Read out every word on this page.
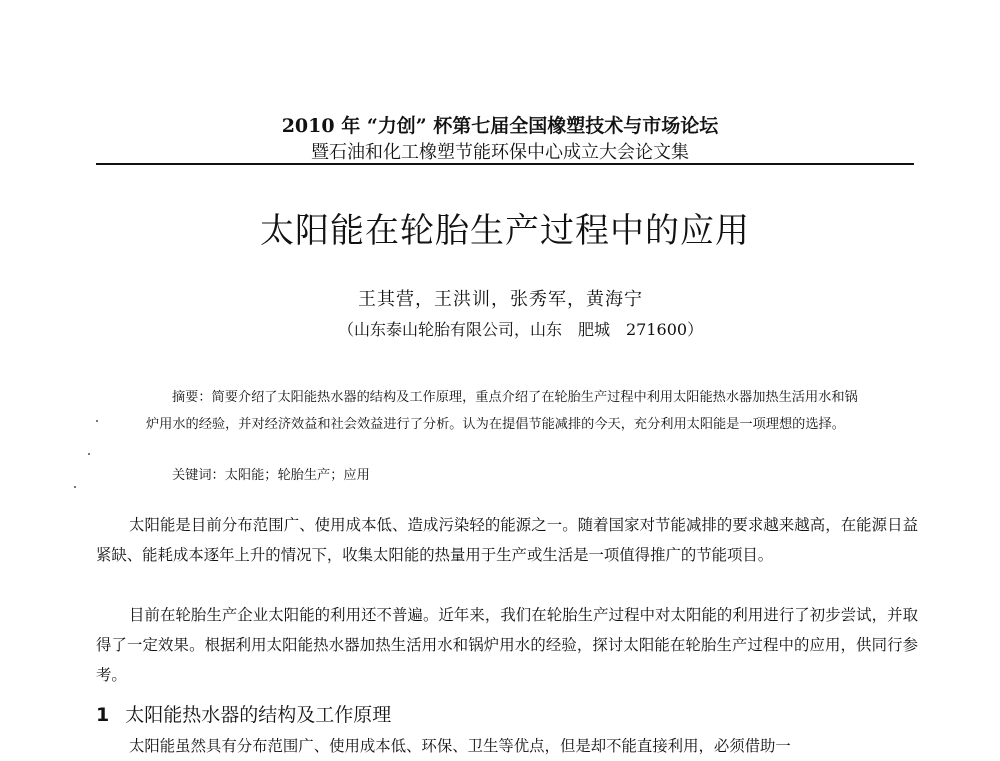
2010 年 “力创” 杯第七届全国橡塑技术与市场论坛
暨石油和化工橡塑节能环保中心成立大会论文集
太阳能在轮胎生产过程中的应用
王其营，王洪训，张秀军，黄海宁
（山东泰山轮胎有限公司，山东　肥城　271600）
摘要：简要介绍了太阳能热水器的结构及工作原理，重点介绍了在轮胎生产过程中利用太阳能热水器加热生活用水和锅炉用水的经验，并对经济效益和社会效益进行了分析。认为在提倡节能减排的今天，充分利用太阳能是一项理想的选择。
关键词：太阳能；轮胎生产；应用
太阳能是目前分布范围广、使用成本低、造成污染轻的能源之一。随着国家对节能减排的要求越来越高，在能源日益紧缺、能耗成本逐年上升的情况下，收集太阳能的热量用于生产或生活是一项值得推广的节能项目。
目前在轮胎生产企业太阳能的利用还不普遍。近年来，我们在轮胎生产过程中对太阳能的利用进行了初步尝试，并取得了一定效果。根据利用太阳能热水器加热生活用水和锅炉用水的经验，探讨太阳能在轮胎生产过程中的应用，供同行参考。
1 太阳能热水器的结构及工作原理
太阳能虽然具有分布范围广、使用成本低、环保、卫生等优点，但是却不能直接利用，必须借助一
